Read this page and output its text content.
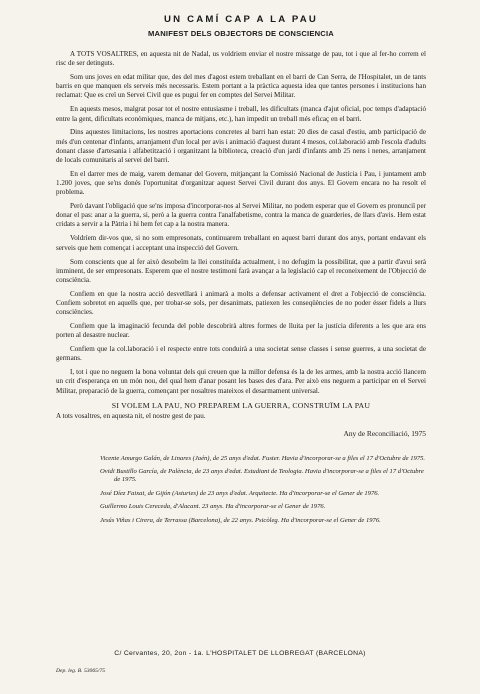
UN CAMÍ CAP A LA PAU
MANIFEST DELS OBJECTORS DE CONSCIENCIA

A TOTS VOSALTRES, en aquesta nit de Nadal, us voldriem enviar el nostre missatge de pau, tot i que al fer-ho correm el risc de ser detinguts.

Som uns joves en edat militar que, des del mes d'agost estem treballant en el barri de Can Serra, de l'Hospitalet, un de tants barris en que manquen els serveis més necessaris. Estem portant a la pràctica aquesta idea que tantes persones i institucions han reclamat: Que es creï un Servei Civil que es pugui fer en comptes del Servei Militar.

En aquests mesos, malgrat posar tot el nostre entusiasme i treball, les dificultats (manca d'ajut oficial, poc temps d'adaptació entre la gent, dificultats econòmiques, manca de mitjans, etc.), han impedit un treball més eficaç en el barri.

Dins aquestes limitacions, les nostres aportacions concretes al barri han estat: 20 dies de casal d'estiu, amb participació de més d'un centenar d'infants, arranjament d'un local per avis i animació d'aquest durant 4 mesos, col.laboració amb l'escola d'adults donant classe d'artesania i alfabetització i organitzant la biblioteca, creació d'un jardí d'infants amb 25 nens i nenes, arranjament de locals comunitaris al servei del barri.

En el darrer mes de maig, varem demanar del Govern, mitjançant la Comissió Nacional de Justícia i Pau, i juntament amb 1.200 joves, que se'ns donés l'oportunitat d'organitzar aquest Servei Civil durant dos anys. El Govern encara no ha resolt el problema.

Però davant l'obligació que se'ns imposa d'incorporar-nos al Servei Militar, no podem esperar que el Govern es pronunciï per donar el pas: anar a la guerra, si, però a la guerra contra l'analfabetisme, contra la manca de guarderies, de llars d'avis. Hem estat cridats a servir a la Pàtria i hi hem fet cap a la nostra manera.

Voldríem dir-vos que, si no som empresonats, continuarem treballant en aquest barri durant dos anys, portant endavant els serveis que hem començat i acceptant una inspecció del Govern.

Som conscients que al fer això desobeïm la llei constituïda actualment, i no defugim la possibilitat, que a partir d'avui serà imminent, de ser empresonats. Esperem que el nostre testimoni farà avançar a la legislació cap el reconeixement de l'Objecció de consciència.

Confiem en que la nostra acció desvetllarà i animarà a molts a defensar activament el dret a l'objecció de consciència. Confiem sobretot en aquells que, per trobar-se sols, per desanimats, patiexen les conseqüències de no poder ésser fidels a llurs consciències.

Confiem que la imaginació fecunda del poble descobrirà altres formes de lluita per la justícia diferents a les que ara ens porten al desastre nuclear.

Confiem que la col.laboració i el respecte entre tots conduirà a una societat sense classes i sense guerres, a una societat de germans.

I, tot i que no neguem la bona voluntat dels qui creuen que la millor defensa és la de les armes, amb la nostra acció llancem un crit d'esperança en un món nou, del qual hem d'anar posant les bases des d'ara. Per això ens neguem a participar en el Servei Militar, preparació de la guerra, començant per nosaltres mateixos el desarmament universal.

SI VOLEM LA PAU, NO PREPAREM LA GUERRA, CONSTRUÏM LA PAU

A tots vosaltres, en aquesta nit, el nostre gest de pau.

Any de Reconciliació, 1975

Vicente Amurgo Galán, de Linares (Jaén), de 25 anys d'edat. Fuster. Havia d'incorporar-se a files el 17 d'Octubre de 1975.

Ovidi Bustillo García, de Palència, de 23 anys d'edat. Estudiant de Teologia. Havia d'incorporar-se a files el 17 d'Octubre de 1975.

José Díez Faixat, de Gijón (Asturies) de 23 anys d'edat. Arquitecte. Ha d'incorporar-se el Gener de 1976.

Guillermo Louis Cereceda, d'Alacant. 23 anys. Ha d'incorporar-se el Gener de 1976.

Jesús Viñas i Cirera, de Terrassa (Barcelona), de 22 anys. Psicòleg. Ha d'incorporar-se el Gener de 1976.

C/ Cervantes, 20, 2on - 1a. L'HOSPITALET DE LLOBREGAT (BARCELONA)
Dep. leg. B. 53065/75
